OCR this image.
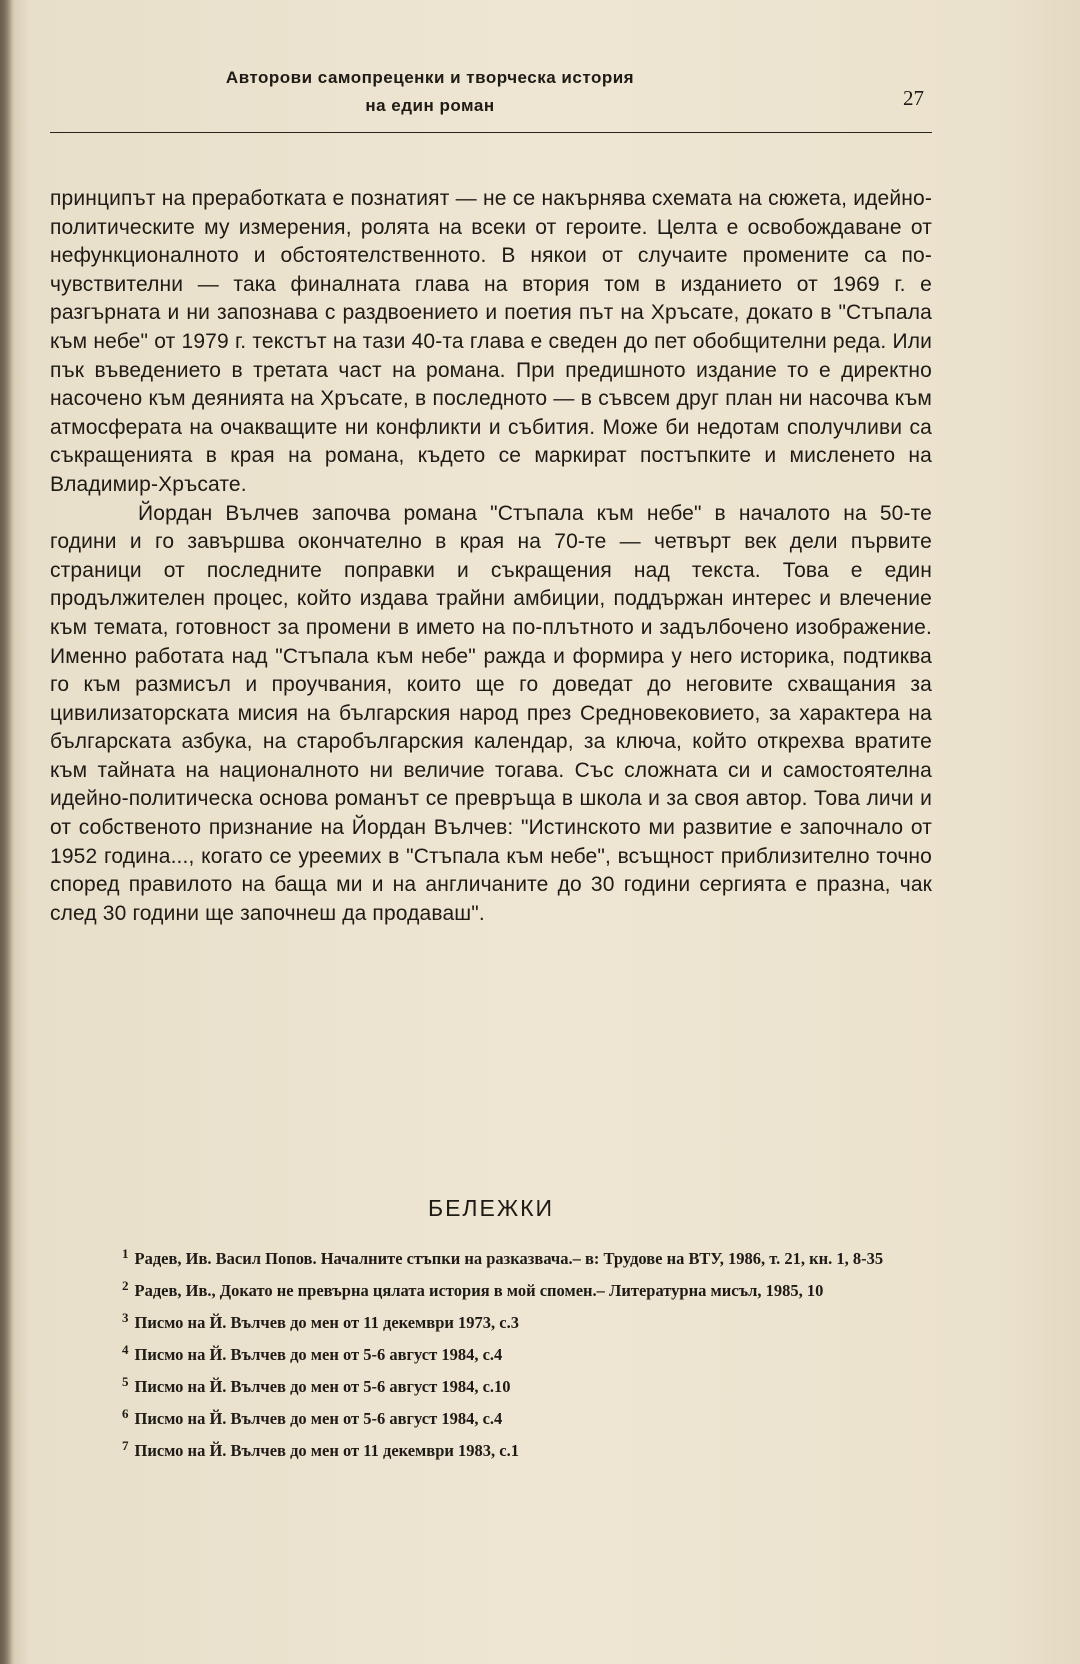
Авторови самопреценки и творческа история
на един роман	27

принципът на преработката е познатият — не се накърнява схемата на сюжета, идейно-политическите му измерения, ролята на всеки от героите. Целта е освобождаване от нефункционалното и обстоятелственното. В някои от случаите промените са по-чувствителни — такa финалната глава на втория том в изданието от 1969 г. е разгърната и ни запознава с раздвоението и поетия път на Хръсате, докато в "Стъпала към небе" от 1979 г. текстът на тази 40-та глава е сведен до пет обобщителни реда. Или пък въведението в третата част на романа. При предишното издание то е директно насочено към деянията на Хръсате, в последното — в съвсем друг план ни насочва към атмосферата на очакващите ни конфликти и събития. Може би недотам сполучливи са съкращенията в края на романа, където се маркират постъпките и мисленето на Владимир-Хръсате.

Йордан Вълчев започва романа "Стъпала към небе" в началото на 50-те години и го завършва окончателно в края на 70-те — четвърт век дели първите страници от последните поправки и съкращения над текста. Това е един продължителен процес, който издава трайни амбиции, поддържан интерес и влечение към темата, готовност за промени в името на по-плътното и задълбочено изображение. Именно работата над "Стъпала към небе" ражда и формира у него историка, подтиква го към размисъл и проучвания, които ще го доведат до неговите схващания за цивилизаторската мисия на българския народ през Средновековието, за характера на българската азбука, на старобългарския календар, за ключа, който открехва вратите към тайната на националното ни величие тогава. Със сложната си и самостоятелна идейно-политическа основа романът се превръща в школа и за своя автор. Това личи и от собственото признание на Йордан Вълчев: "Истинското ми развитие е започнало от 1952 година..., когато се уреемих в "Стъпала към небе", всъщност приблизително точно според правилото на баща ми и на англичаните до 30 години сергията е празна, чак след 30 години ще започнеш да продаваш".

БЕЛЕЖКИ

$^1$ Радев, Ив. Васил Попов. Началните стъпки на разказвача.– в: Трудове на ВТУ, 1986, т. 21, кн. 1, 8-35

$^2$ Радев, Ив., Докато не превърна цялата история в мой спомен.– Литературна мисъл, 1985, 10

$^3$ Писмо на Й. Вълчев до мен от 11 декември 1973, с.3

$^4$ Писмо на Й. Вълчев до мен от 5-6 август 1984, с.4

$^5$ Писмо на Й. Вълчев до мен от 5-6 август 1984, с.10

$^6$ Писмо на Й. Вълчев до мен от 5-6 август 1984, с.4

$^7$ Писмо на Й. Вълчев до мен от 11 декември 1983, с.1
